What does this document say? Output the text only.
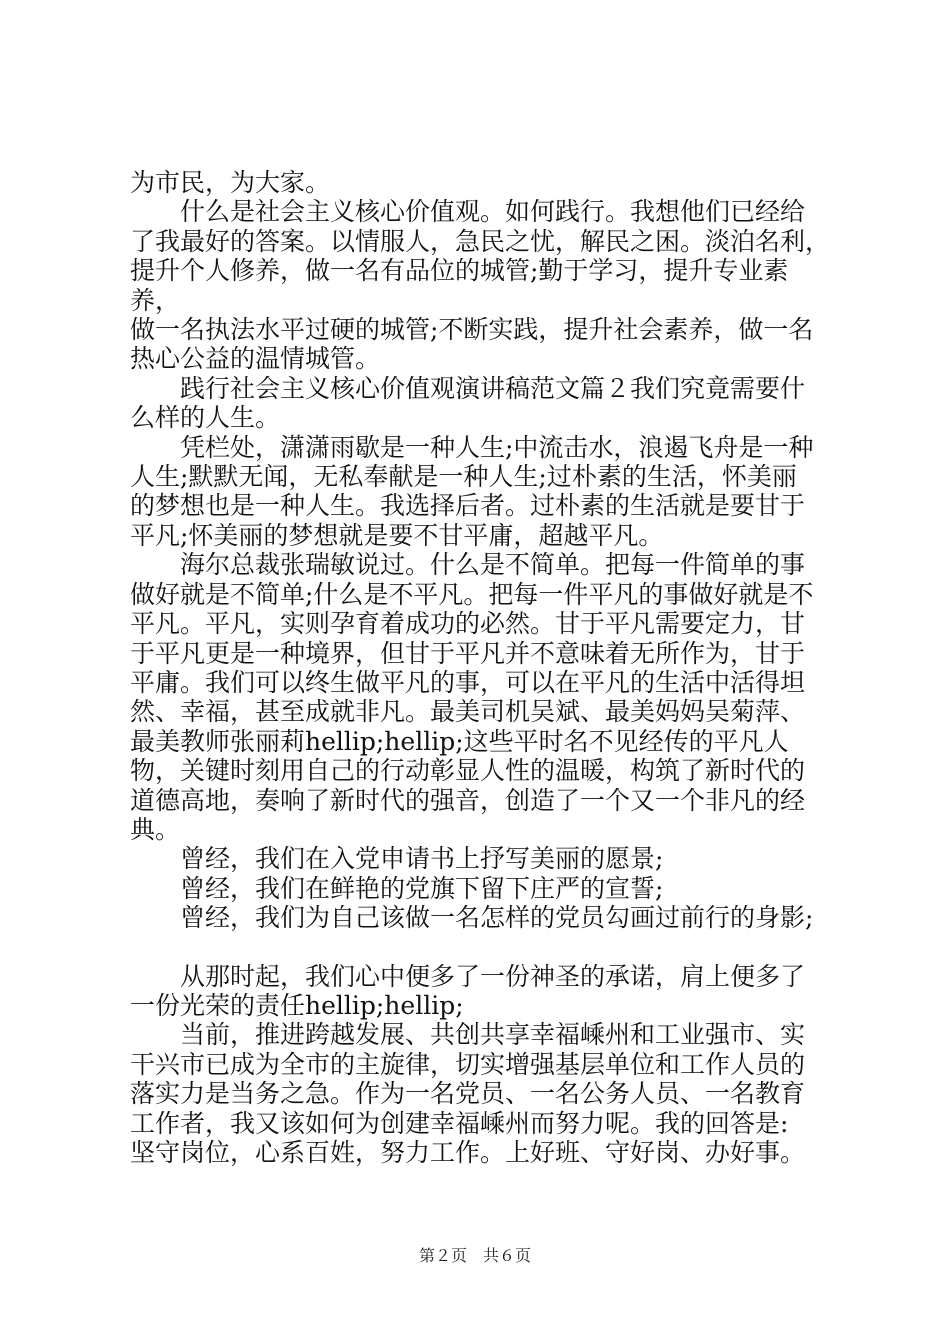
为市民，为大家。
　　什么是社会主义核心价值观。如何践行。我想他们已经给
了我最好的答案。以情服人，急民之忧，解民之困。淡泊名利，
提升个人修养，做一名有品位的城管;勤于学习，提升专业素养，
做一名执法水平过硬的城管;不断实践，提升社会素养，做一名
热心公益的温情城管。
　　践行社会主义核心价值观演讲稿范文篇２我们究竟需要什
么样的人生。
　　凭栏处，潇潇雨歇是一种人生;中流击水，浪遏飞舟是一种
人生;默默无闻，无私奉献是一种人生;过朴素的生活，怀美丽
的梦想也是一种人生。我选择后者。过朴素的生活就是要甘于
平凡;怀美丽的梦想就是要不甘平庸，超越平凡。
　　海尔总裁张瑞敏说过。什么是不简单。把每一件简单的事
做好就是不简单;什么是不平凡。把每一件平凡的事做好就是不
平凡。平凡，实则孕育着成功的必然。甘于平凡需要定力，甘
于平凡更是一种境界，但甘于平凡并不意味着无所作为，甘于
平庸。我们可以终生做平凡的事，可以在平凡的生活中活得坦
然、幸福，甚至成就非凡。最美司机吴斌、最美妈妈吴菊萍、
最美教师张丽莉hellip;hellip;这些平时名不见经传的平凡人
物，关键时刻用自己的行动彰显人性的温暖，构筑了新时代的
道德高地，奏响了新时代的强音，创造了一个又一个非凡的经
典。
　　曾经，我们在入党申请书上抒写美丽的愿景;
　　曾经，我们在鲜艳的党旗下留下庄严的宣誓;
　　曾经，我们为自己该做一名怎样的党员勾画过前行的身影;
　　从那时起，我们心中便多了一份神圣的承诺，肩上便多了
一份光荣的责任hellip;hellip;
　　当前，推进跨越发展、共创共享幸福嵊州和工业强市、实
干兴市已成为全市的主旋律，切实增强基层单位和工作人员的
落实力是当务之急。作为一名党员、一名公务人员、一名教育
工作者，我又该如何为创建幸福嵊州而努力呢。我的回答是:
坚守岗位，心系百姓，努力工作。上好班、守好岗、办好事。
第２页　共６页
